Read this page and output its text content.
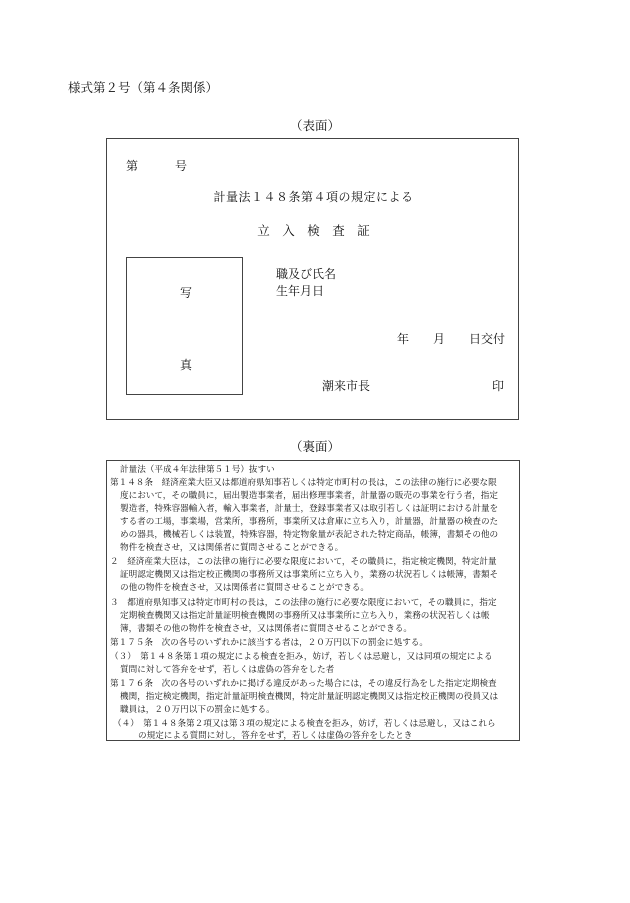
様式第２号（第４条関係）
（表面）
第	号
計量法１４８条第４項の規定による
立　入　検　査　証
写
真
職及び氏名
生年月日
年 月 日交付
潮来市長	印
（裏面）
計量法（平成４年法律第５１号）抜すい
第１４８条　経済産業大臣又は都道府県知事若しくは特定市町村の長は，この法律の施行に必要な限
度において，その職員に，届出製造事業者，届出修理事業者，計量器の販売の事業を行う者，指定
製造者，特殊容器輸入者，輸入事業者，計量士，登録事業者又は取引若しくは証明における計量を
する者の工場，事業場，営業所，事務所，事業所又は倉庫に立ち入り，計量器，計量器の検査のた
めの器具，機械若しくは装置，特殊容器，特定物象量が表記された特定商品，帳簿，書類その他の
物件を検査させ，又は関係者に質問させることができる。
２　経済産業大臣は，この法律の施行に必要な限度において，その職員に，指定検定機関，特定計量
証明認定機関又は指定校正機関の事務所又は事業所に立ち入り，業務の状況若しくは帳簿，書類そ
の他の物件を検査させ，又は関係者に質問させることができる。
３　都道府県知事又は特定市町村の長は，この法律の施行に必要な限度において，その職員に，指定
定期検査機関又は指定計量証明検査機関の事務所又は事業所に立ち入り，業務の状況若しくは帳
簿，書類その他の物件を検査させ，又は関係者に質問させることができる。
第１７５条　次の各号のいずれかに該当する者は，２０万円以下の罰金に処する。
（３）　第１４８条第１項の規定による検査を拒み，妨げ，若しくは忌避し，又は同項の規定による
質問に対して答弁をせず，若しくは虚偽の答弁をした者
第１７６条　次の各号のいずれかに掲げる違反があった場合には，その違反行為をした指定定期検査
機関，指定検定機関，指定計量証明検査機関，特定計量証明認定機関又は指定校正機関の役員又は
職員は，２０万円以下の罰金に処する。
（４）　第１４８条第２項又は第３項の規定による検査を拒み，妨げ，若しくは忌避し，又はこれら
の規定による質問に対し，答弁をせず，若しくは虚偽の答弁をしたとき
